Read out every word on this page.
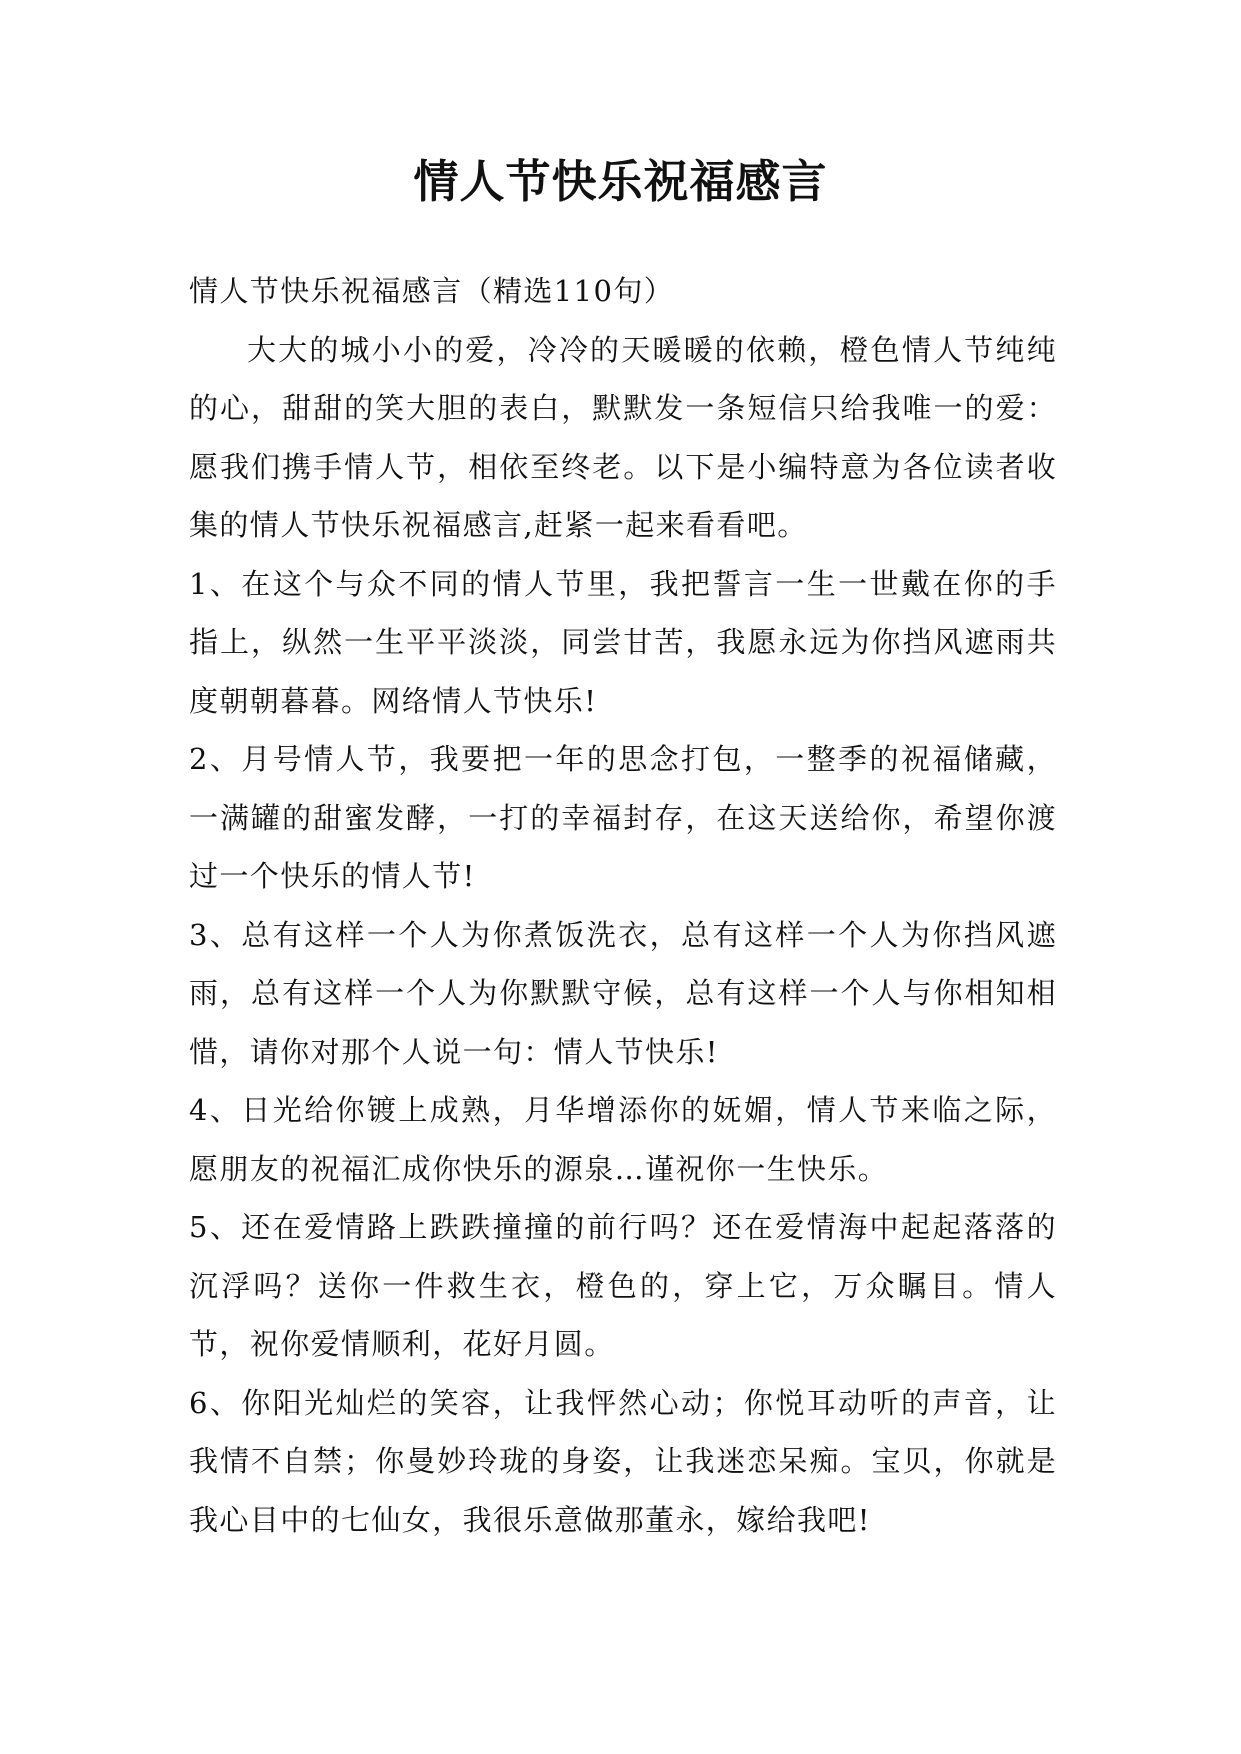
情人节快乐祝福感言

情人节快乐祝福感言（精选110句）

大大的城小小的爱，冷冷的天暖暖的依赖，橙色情人节纯纯的心，甜甜的笑大胆的表白，默默发一条短信只给我唯一的爱：愿我们携手情人节，相依至终老。以下是小编特意为各位读者收集的情人节快乐祝福感言,赶紧一起来看看吧。

1、在这个与众不同的情人节里，我把誓言一生一世戴在你的手指上，纵然一生平平淡淡，同尝甘苦，我愿永远为你挡风遮雨共度朝朝暮暮。网络情人节快乐!

2、月号情人节，我要把一年的思念打包，一整季的祝福储藏，一满罐的甜蜜发酵，一打的幸福封存，在这天送给你，希望你渡过一个快乐的情人节!

3、总有这样一个人为你煮饭洗衣，总有这样一个人为你挡风遮雨，总有这样一个人为你默默守候，总有这样一个人与你相知相惜，请你对那个人说一句：情人节快乐!

4、日光给你镀上成熟，月华增添你的妩媚，情人节来临之际，愿朋友的祝福汇成你快乐的源泉…谨祝你一生快乐。

5、还在爱情路上跌跌撞撞的前行吗？还在爱情海中起起落落的沉浮吗？送你一件救生衣，橙色的，穿上它，万众瞩目。情人节，祝你爱情顺利，花好月圆。

6、你阳光灿烂的笑容，让我怦然心动；你悦耳动听的声音，让我情不自禁；你曼妙玲珑的身姿，让我迷恋呆痴。宝贝，你就是我心目中的七仙女，我很乐意做那董永，嫁给我吧!
